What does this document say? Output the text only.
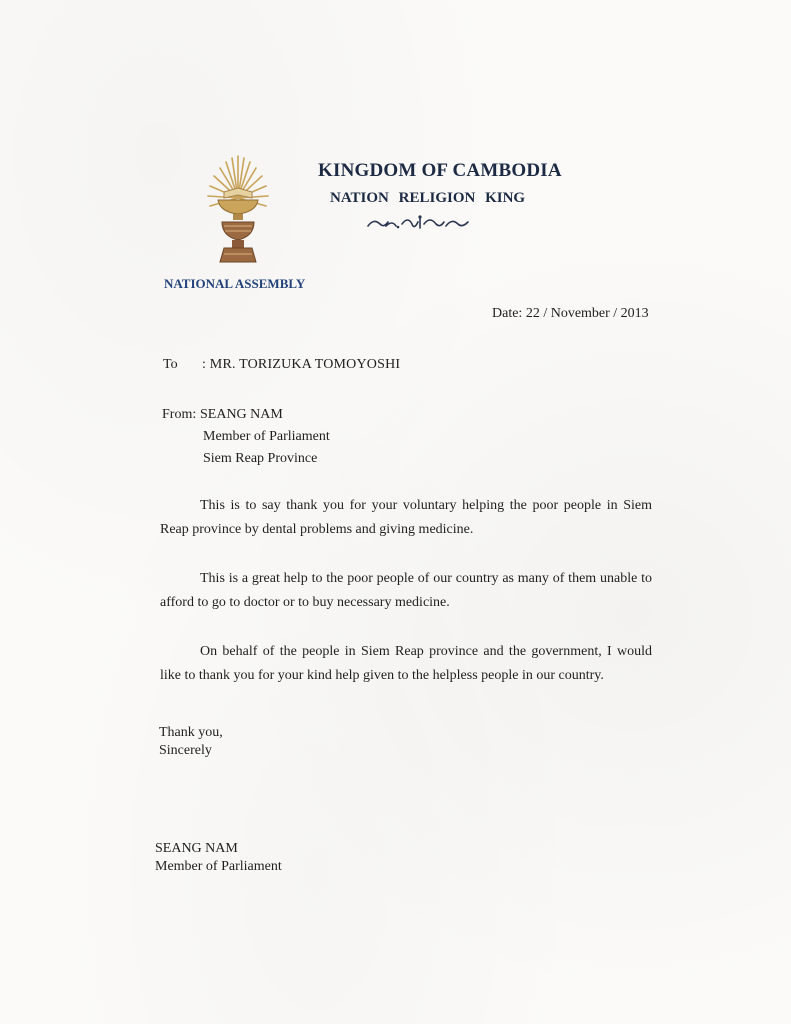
KINGDOM OF CAMBODIA
NATION RELIGION KING
NATIONAL ASSEMBLY
Date: 22 / November / 2013
To : MR. TORIZUKA TOMOYOSHI
From: SEANG NAM
Member of Parliament
Siem Reap Province
This is to say thank you for your voluntary helping the poor people in Siem Reap province by dental problems and giving medicine.
This is a great help to the poor people of our country as many of them unable to afford to go to doctor or to buy necessary medicine.
On behalf of the people in Siem Reap province and the government, I would like to thank you for your kind help given to the helpless people in our country.
Thank you,
Sincerely
SEANG NAM
Member of Parliament
